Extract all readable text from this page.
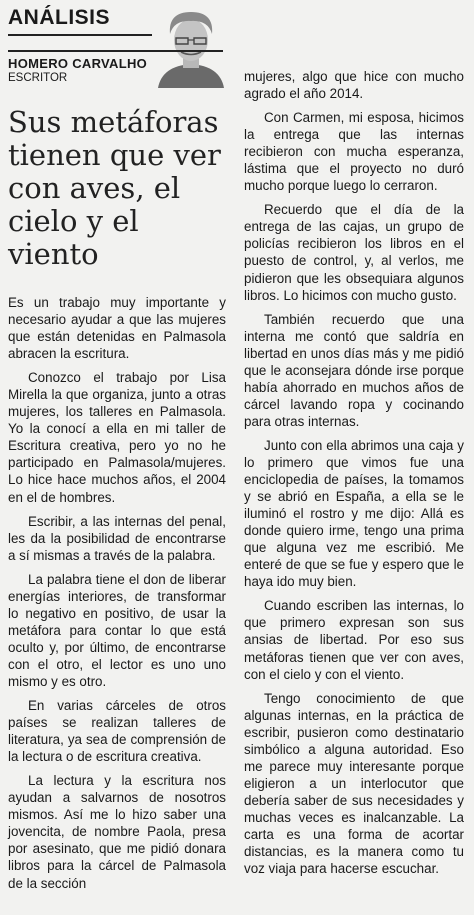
ANÁLISIS
HOMERO CARVALHO
ESCRITOR
Sus metáforas tienen que ver con aves, el cielo y el viento

Es un trabajo muy importante y necesario ayudar a que las mujeres que están detenidas en Palmasola abracen la escritura.

Conozco el trabajo por Lisa Mirella la que organiza, junto a otras mujeres, los talleres en Palmasola. Yo la conocí a ella en mi taller de Escritura creativa, pero yo no he participado en Palmasola/mujeres. Lo hice hace muchos años, el 2004 en el de hombres.

Escribir, a las internas del penal, les da la posibilidad de encontrarse a sí mismas a través de la palabra.

La palabra tiene el don de liberar energías interiores, de transformar lo negativo en positivo, de usar la metáfora para contar lo que está oculto y, por último, de encontrarse con el otro, el lector es uno uno mismo y es otro.

En varias cárceles de otros países se realizan talleres de literatura, ya sea de comprensión de la lectura o de escritura creativa.

La lectura y la escritura nos ayudan a salvarnos de nosotros mismos. Así me lo hizo saber una jovencita, de nombre Paola, presa por asesinato, que me pidió donara libros para la cárcel de Palmasola de la sección

mujeres, algo que hice con mucho agrado el año 2014.

Con Carmen, mi esposa, hicimos la entrega que las internas recibieron con mucha esperanza, lástima que el proyecto no duró mucho porque luego lo cerraron.

Recuerdo que el día de la entrega de las cajas, un grupo de policías recibieron los libros en el puesto de control, y, al verlos, me pidieron que les obsequiara algunos libros. Lo hicimos con mucho gusto.

También recuerdo que una interna me contó que saldría en libertad en unos días más y me pidió que le aconsejara dónde irse porque había ahorrado en muchos años de cárcel lavando ropa y cocinando para otras internas.

Junto con ella abrimos una caja y lo primero que vimos fue una enciclopedia de países, la tomamos y se abrió en España, a ella se le iluminó el rostro y me dijo: Allá es donde quiero irme, tengo una prima que alguna vez me escribió. Me enteré de que se fue y espero que le haya ido muy bien.

Cuando escriben las internas, lo que primero expresan son sus ansias de libertad. Por eso sus metáforas tienen que ver con aves, con el cielo y con el viento.

Tengo conocimiento de que algunas internas, en la práctica de escribir, pusieron como destinatario simbólico a alguna autoridad. Eso me parece muy interesante porque eligieron a un interlocutor que debería saber de sus necesidades y muchas veces es inalcanzable. La carta es una forma de acortar distancias, es la manera como tu voz viaja para hacerse escuchar.
